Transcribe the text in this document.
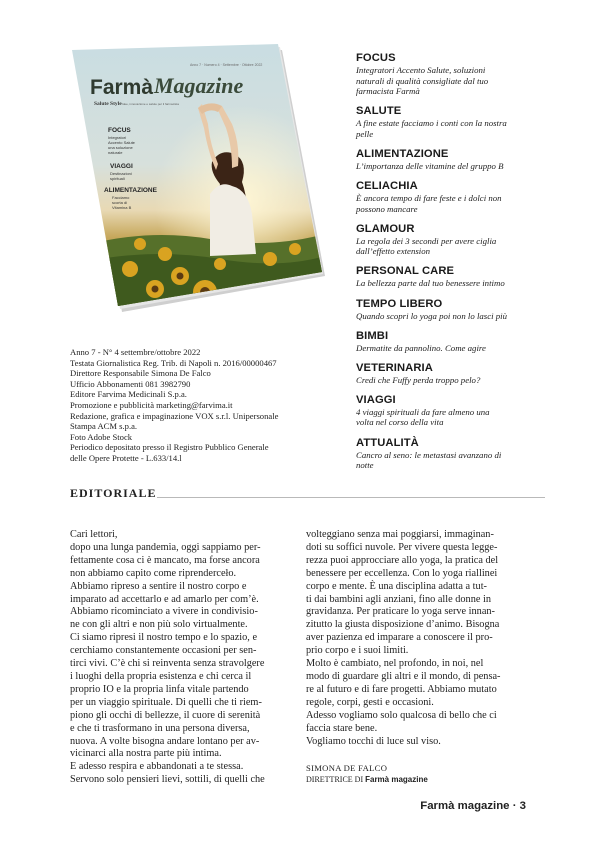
Farmà Magazine
Anno 7 · Numero 4 · Settembre · Ottobre 2022
Salute Style Idee, innovazione e salute per il farmacista
FOCUS
Integratori
Accento Salute
una soluzione
naturale
VIAGGI
Destinazioni
spirituali
ALIMENTAZIONE
Facciamo
scorta di
Vitamina B
Anno 7 - N° 4 settembre/ottobre 2022
Testata Giornalistica Reg. Trib. di Napoli n. 2016/00000467
Direttore Responsabile Simona De Falco
Ufficio Abbonamenti 081 3982790
Editore Farvima Medicinali S.p.a.
Promozione e pubblicità marketing@farvima.it
Redazione, grafica e impaginazione VOX s.r.l. Unipersonale
Stampa ACM s.p.a.
Foto Adobe Stock
Periodico depositato presso il Registro Pubblico Generale
delle Opere Protette - L.633/14.l
FOCUS
Integratori Accento Salute, soluzioni
naturali di qualità consigliate dal tuo
farmacista Farmà
SALUTE
A fine estate facciamo i conti con la nostra
pelle
ALIMENTAZIONE
L’importanza delle vitamine del gruppo B
CELIACHIA
È ancora tempo di fare feste e i dolci non
possono mancare
GLAMOUR
La regola dei 3 secondi per avere ciglia
dall’effetto extension
PERSONAL CARE
La bellezza parte dal tuo benessere intimo
TEMPO LIBERO
Quando scopri lo yoga poi non lo lasci più
BIMBI
Dermatite da pannolino. Come agire
VETERINARIA
Credi che Fuffy perda troppo pelo?
VIAGGI
4 viaggi spirituali da fare almeno una
volta nel corso della vita
ATTUALITÀ
Cancro al seno: le metastasi avanzano di
notte
EDITORIALE
Cari lettori,
dopo una lunga pandemia, oggi sappiamo per-
fettamente cosa ci è mancato, ma forse ancora
non abbiamo capito come riprenderceło.
Abbiamo ripreso a sentire il nostro corpo e
imparato ad accettarlo e ad amarlo per com’è.
Abbiamo ricominciato a vivere in condivisio-
ne con gli altri e non più solo virtualmente.
Ci siamo ripresi il nostro tempo e lo spazio, e
cerchiamo constantemente occasioni per sen-
tirci vivi. C’è chi si reinventa senza stravolgere
i luoghi della propria esistenza e chi cerca il
proprio IO e la propria linfa vitale partendo
per un viaggio spirituale. Di quelli che ti riem-
piono gli occhi di bellezze, il cuore di serenità
e che ti trasformano in una persona diversa,
nuova. A volte bisogna andare lontano per av-
vicinarci alla nostra parte più intima.
E adesso respira e abbandonati a te stessa.
Servono solo pensieri lievi, sottili, di quelli che
volteggiano senza mai poggiarsi, immaginan-
doti su soffici nuvole. Per vivere questa legge-
rezza puoi approcciare allo yoga, la pratica del
benessere per eccellenza. Con lo yoga riallinei
corpo e mente. È una disciplina adatta a tut-
ti dai bambini agli anziani, fino alle donne in
gravidanza. Per praticare lo yoga serve innan-
zitutto la giusta disposizione d’animo. Bisogna
aver pazienza ed imparare a conoscere il pro-
prio corpo e i suoi limiti.
Molto è cambiato, nel profondo, in noi, nel
modo di guardare gli altri e il mondo, di pensa-
re al futuro e di fare progetti. Abbiamo mutato
regole, corpi, gesti e occasioni.
Adesso vogliamo solo qualcosa di bello che ci
faccia stare bene.
Vogliamo tocchi di luce sul viso.
SIMONA DE FALCO
DIRETTRICE DI Farmà magazine
Farmà magazine · 3
